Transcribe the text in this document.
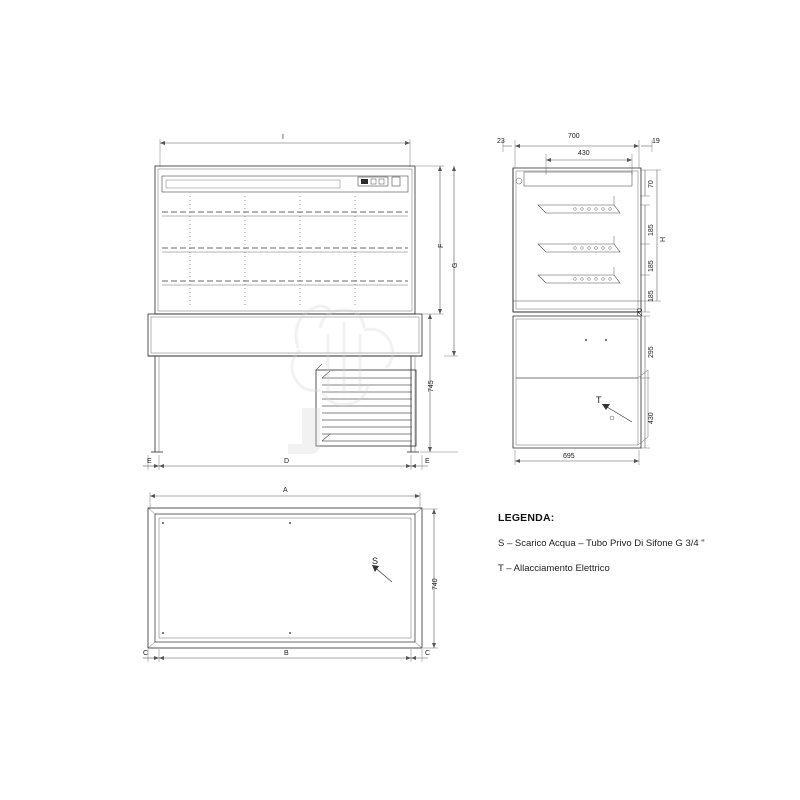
I
F
G
745
E	D	E
23
700
19
430
70
H
185
185
185
20
295
430
695
A
740
C	B	C
S
T
LEGENDA:
S – Scarico Acqua – Tubo Privo Di Sifone G 3/4 "
T – Allacciamento Elettrico
